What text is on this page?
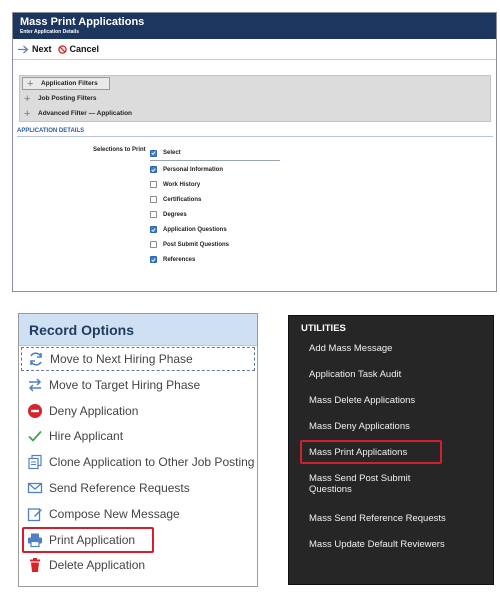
Mass Print Applications
Enter Application Details
Next Cancel
+ Application Filters
+ Job Posting Filters
+ Advanced Filter — Application
APPLICATION DETAILS
Selections to Print	Select
Personal Information
Work History
Certifications
Degrees
Application Questions
Post Submit Questions
References
Record Options
Move to Next Hiring Phase
Move to Target Hiring Phase
Deny Application
Hire Applicant
Clone Application to Other Job Posting
Send Reference Requests
Compose New Message
Print Application
Delete Application
UTILITIES
Add Mass Message
Application Task Audit
Mass Delete Applications
Mass Deny Applications
Mass Print Applications
Mass Send Post Submit Questions
Mass Send Reference Requests
Mass Update Default Reviewers
